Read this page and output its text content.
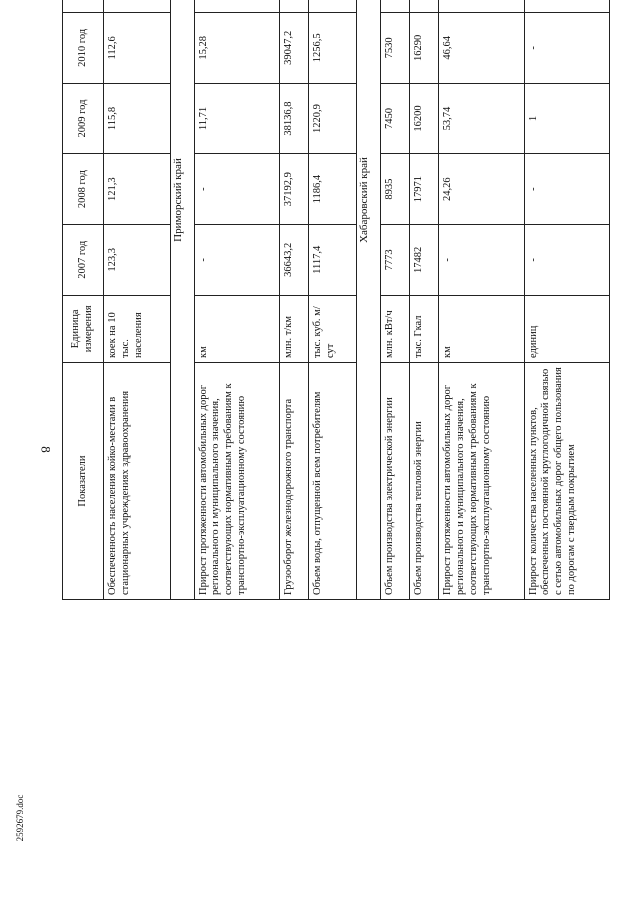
8
2592679.doc
Показатели	Единица измерения	2007 год	2008 год	2009 год	2010 год			
Обеспеченность населения койко-местами в стационарных учреждениях здравоохранения	коек на 10 тыс. населения	123,3	121,3	115,8	112,6			
Приморский край								
Прирост протяженности автомобильных дорог регионального и муниципального значения, соответствующих нормативным требованиям к транспортно-эксплуатационному состоянию	км	-	-	11,71	15,28			
Грузооборот железнодорожного транспорта	млн. т/км	36643,2	37192,9	38136,8	39047,2			
Объем воды, отпущенной всем потребителям	тыс. куб. м/сут	1117,4	1186,4	1220,9	1256,5			
Хабаровский край								
Объем производства электрической энергии	млн. кВт/ч	7773	8935	7450	7530			
Объем производства тепловой энергии	тыс. Гкал	17482	17971	16200	16290			
Прирост протяженности автомобильных дорог регионального и муниципального значения, соответствующих нормативным требованиям к транспортно-эксплуатационному состоянию	км	-	24,26	53,74	46,64			
Прирост количества населенных пунктов, обеспеченных постоянной круглогодичной связью с сетью автомобильных дорог общего пользования по дорогам с твердым покрытием	единиц	-	-	1	-			
